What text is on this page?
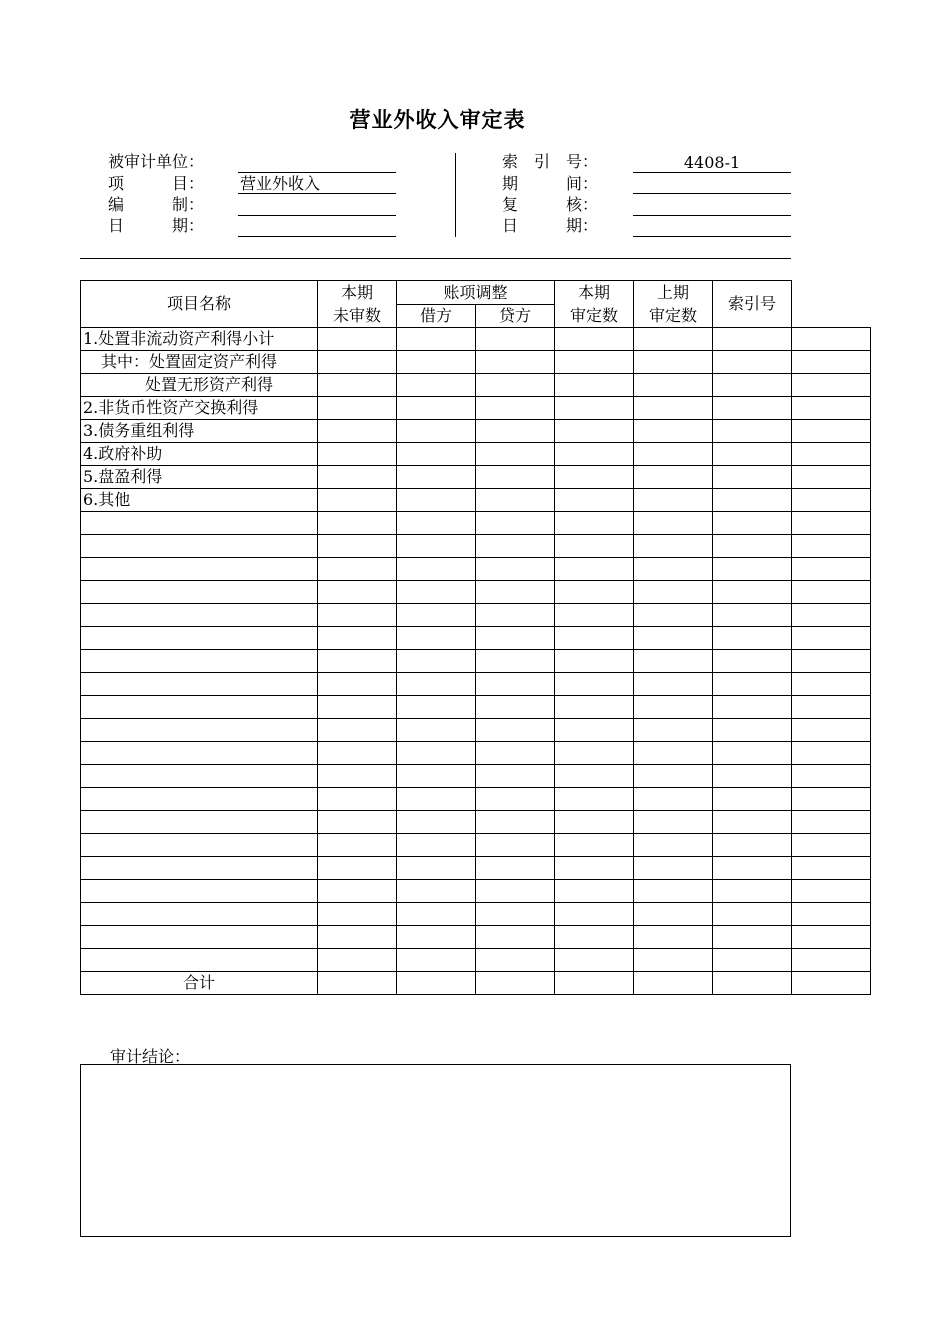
营业外收入审定表
被审计单位：
项　　　目： 营业外收入
编　　　制：
日　　　期：
索　引　号：	4408-1
期　　　间：
复　　　核：
日　　　期：
项目名称	本期	账项调整		本期	上期	索引号	
	未审数	借方	贷方	审定数	审定数		
1.处置非流动资产利得小计							
其中：处置固定资产利得							
处置无形资产利得							
2.非货币性资产交换利得							
3.债务重组利得							
4.政府补助							
5.盘盈利得							
6.其他							

合计							
审计结论：
